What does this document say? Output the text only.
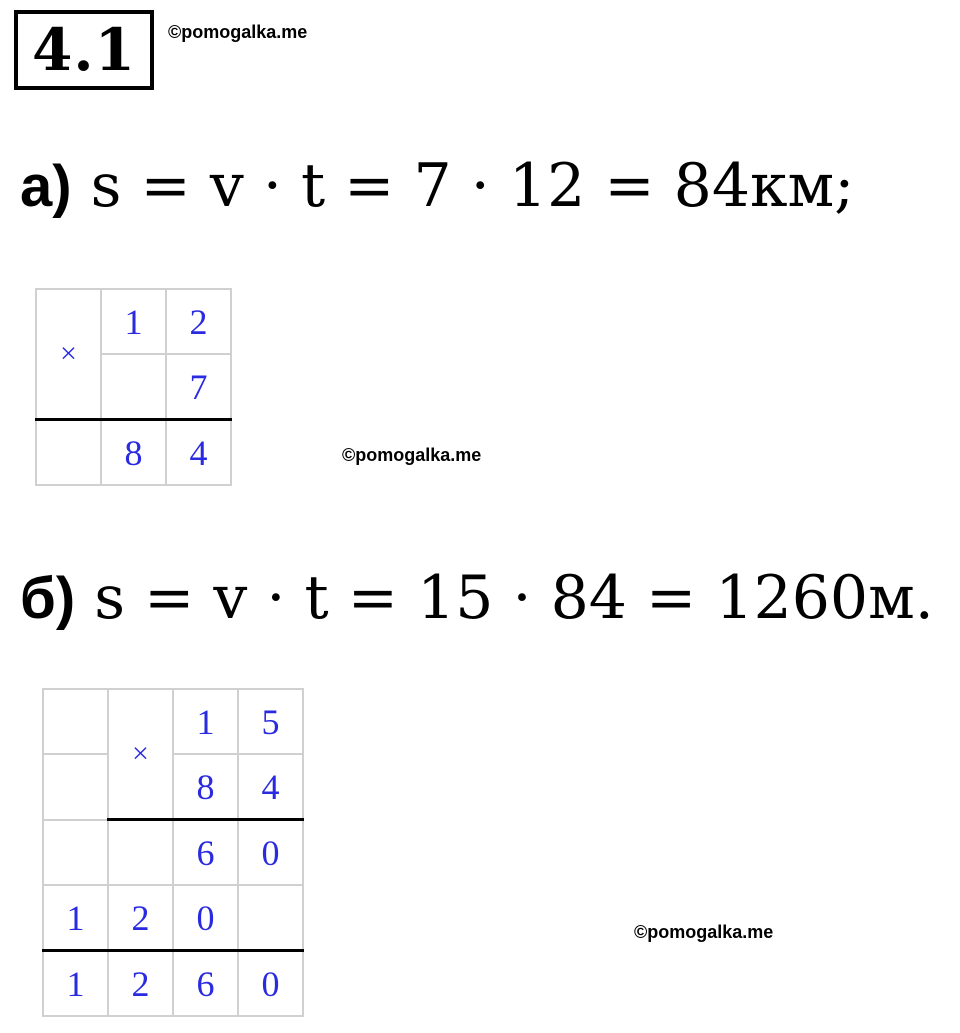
4.1	©pomogalka.me
а) s = v · t = 7 · 12 = 84км;
×	1	2
		7
	8	4	©pomogalka.me
б) s = v · t = 15 · 84 = 1260м.
	×	1	5
		8	4
		6	0
1	2	0	
1	2	6	0
©pomogalka.me
